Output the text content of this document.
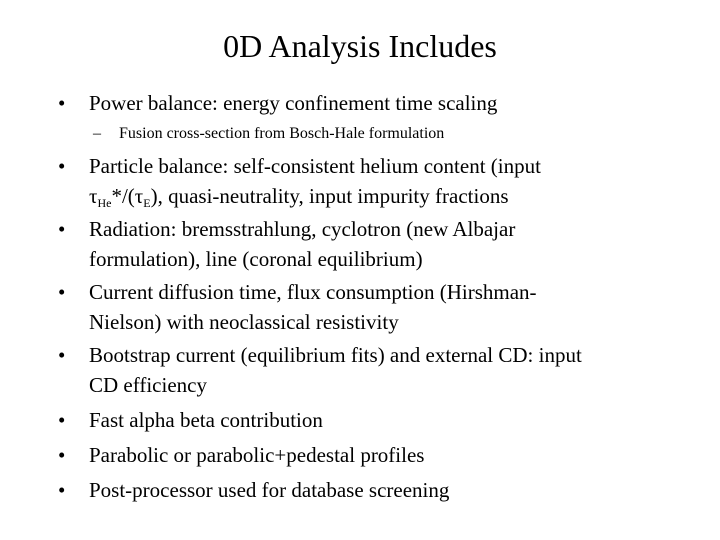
0D Analysis Includes
•	Power balance: energy confinement time scaling
– Fusion cross-section from Bosch-Hale formulation
•	Particle balance: self-consistent helium content (input
$\tau_{He}*/(\tau_E)$, quasi-neutrality, input impurity fractions
•	Radiation: bremsstrahlung, cyclotron (new Albajar
formulation), line (coronal equilibrium)
•	Current diffusion time, flux consumption (Hirshman-
Nielson) with neoclassical resistivity
•	Bootstrap current (equilibrium fits) and external CD: input
CD efficiency
•	Fast alpha beta contribution
•	Parabolic or parabolic+pedestal profiles
•	Post-processor used for database screening
